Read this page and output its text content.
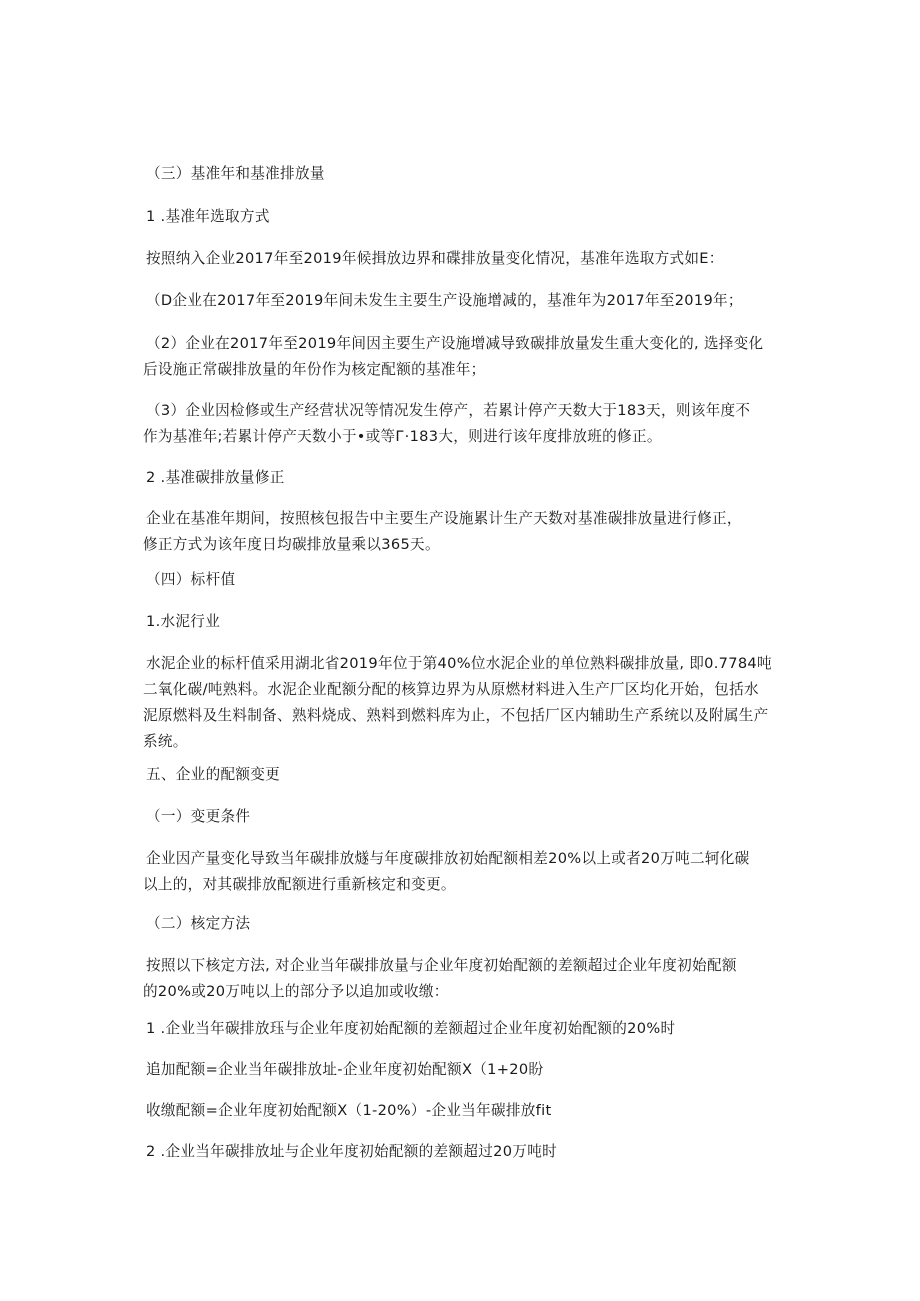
（三）基准年和基准排放量

1 .基准年选取方式

按照纳入企业2017年至2019年候揖放边界和碟排放量变化情况，基准年选取方式如E：

（D企业在2017年至2019年间未发生主要生产设施增减的，基准年为2017年至2019年；

（2）企业在2017年至2019年间因主要生产设施增减导致碳排放量发生重大变化的, 选择变化
后设施正常碳排放量的年份作为核定配额的基准年；
（3）企业因检修或生产经营状况等情况发生停产，若累计停产天数大于183天，则该年度不
作为基准年;若累计停产天数小于•或等Г·183大，则进行该年度排放班的修正。

2 .基准碳排放量修正

企业在基准年期间，按照核包报告中主要生产设施累计生产天数对基准碳排放量进行修正，
修正方式为该年度日均碳排放量乘以365天。

（四）标杆值

1.水泥行业

水泥企业的标杆值采用湖北省2019年位于第40%位水泥企业的单位熟料碳排放量, 即0.7784吨
二氧化碳/吨熟料。水泥企业配额分配的核算边界为从原燃材料进入生产厂区均化开始，包括水
泥原燃料及生料制备、熟料烧成、熟料到燃料库为止，不包括厂区内辅助生产系统以及附属生产
系统。

五、企业的配额变更

（一）变更条件

企业因产量变化导致当年碳排放燧与年度碳排放初始配额相差20%以上或者20万吨二轲化碳
以上的，对其碳排放配额进行重新核定和变更。

（二）核定方法

按照以下核定方法, 对企业当年碳排放量与企业年度初始配额的差额超过企业年度初始配额
的20%或20万吨以上的部分予以追加或收缴：

1 .企业当年碳排放珏与企业年度初始配额的差额超过企业年度初始配额的20%时

追加配额=企业当年碳排放址-企业年度初始配额X（1+20盼

收缴配额=企业年度初始配额X（1-20%）-企业当年碳排放fit

2 .企业当年碳排放址与企业年度初始配额的差额超过20万吨时
